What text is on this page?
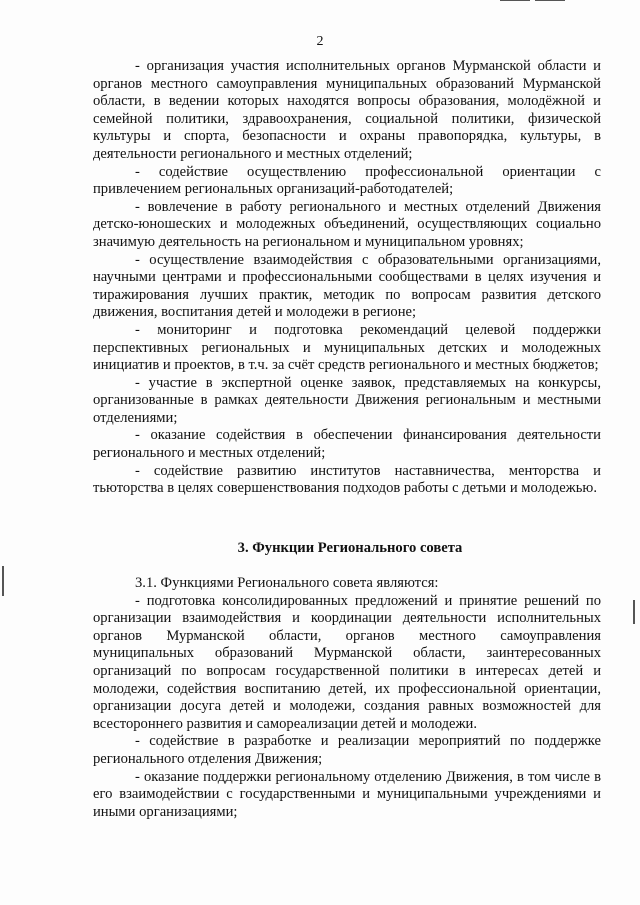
2

- организация участия исполнительных органов Мурманской области и органов местного самоуправления муниципальных образований Мурманской области, в ведении которых находятся вопросы образования, молодёжной и семейной политики, здравоохранения, социальной политики, физической культуры и спорта, безопасности и охраны правопорядка, культуры, в деятельности регионального и местных отделений;

- содействие осуществлению профессиональной ориентации с привлечением региональных организаций-работодателей;

- вовлечение в работу регионального и местных отделений Движения детско-юношеских и молодежных объединений, осуществляющих социально значимую деятельность на региональном и муниципальном уровнях;

- осуществление взаимодействия с образовательными организациями, научными центрами и профессиональными сообществами в целях изучения и тиражирования лучших практик, методик по вопросам развития детского движения, воспитания детей и молодежи в регионе;

- мониторинг и подготовка рекомендаций целевой поддержки перспективных региональных и муниципальных детских и молодежных инициатив и проектов, в т.ч. за счёт средств регионального и местных бюджетов;

- участие в экспертной оценке заявок, представляемых на конкурсы, организованные в рамках деятельности Движения региональным и местными отделениями;

- оказание содействия в обеспечении финансирования деятельности регионального и местных отделений;

- содействие развитию институтов наставничества, менторства и тьюторства в целях совершенствования подходов работы с детьми и молодежью.

3. Функции Регионального совета

3.1. Функциями Регионального совета являются:

- подготовка консолидированных предложений и принятие решений по организации взаимодействия и координации деятельности исполнительных органов Мурманской области, органов местного самоуправления муниципальных образований Мурманской области, заинтересованных организаций по вопросам государственной политики в интересах детей и молодежи, содействия воспитанию детей, их профессиональной ориентации, организации досуга детей и молодежи, создания равных возможностей для всестороннего развития и самореализации детей и молодежи.

- содействие в разработке и реализации мероприятий по поддержке регионального отделения Движения;

- оказание поддержки региональному отделению Движения, в том числе в его взаимодействии с государственными и муниципальными учреждениями и иными организациями;
